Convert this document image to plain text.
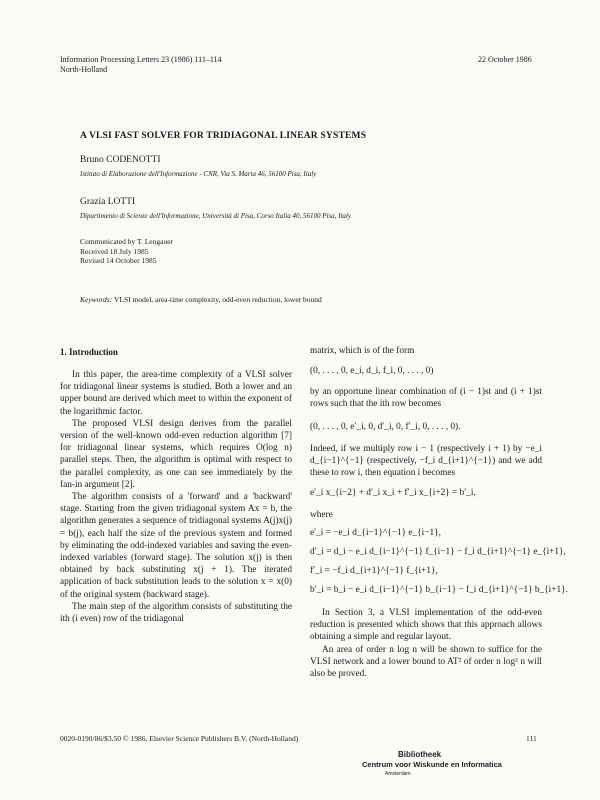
Information Processing Letters 23 (1986) 111–114
North-Holland
22 October 1986
A VLSI FAST SOLVER FOR TRIDIAGONAL LINEAR SYSTEMS
Bruno CODENOTTI
Istituto di Elaborazione dell'Informazione - CNR, Via S. Maria 46, 56100 Pisa, Italy
Grazia LOTTI
Dipartimento di Scienze dell'Informazione, Università di Pisa, Corso Italia 40, 56100 Pisa, Italy
Communicated by T. Lengauer
Received 18 July 1985
Revised 14 October 1985
Keywords: VLSI model, area-time complexity, odd-even reduction, lower bound
1. Introduction

In this paper, the area-time complexity of a VLSI solver for tridiagonal linear systems is studied. Both a lower and an upper bound are derived which meet to within the exponent of the logarithmic factor.

The proposed VLSI design derives from the parallel version of the well-known odd-even reduction algorithm [7] for tridiagonal linear systems, which requires O(log n) parallel steps. Then, the algorithm is optimal with respect to the parallel complexity, as one can see immediately by the fan-in argument [2].

The algorithm consists of a 'forward' and a 'backward' stage. Starting from the given tridiagonal system Ax = b, the algorithm generates a sequence of tridiagonal systems A(j)x(j) = b(j), each half the size of the previous system and formed by eliminating the odd-indexed variables and saving the even-indexed variables (forward stage). The solution x(j) is then obtained by back substituting x(j + 1). The iterated application of back substitution leads to the solution x = x(0) of the original system (backward stage).

The main step of the algorithm consists of substituting the ith (i even) row of the tridiagonal

matrix, which is of the form

(0, . . . , 0, e_i, d_i, f_i, 0, . . . , 0)

by an opportune linear combination of (i − 1)st and (i + 1)st rows such that the ith row becomes

(0, . . . , 0, e′_i, 0, d′_i, 0, f′_i, 0, . . . , 0).

Indeed, if we multiply row i − 1 (respectively i + 1) by −e_i d_{i−1}^{−1} (respectively, −f_i d_{i+1}^{−1}) and we add these to row i, then equation i becomes

e′_i x_{i−2} + d′_i x_i + f′_i x_{i+2} = b′_i,
where
e′_i = −e_i d_{i−1}^{−1} e_{i−1},
d′_i = d_i − e_i d_{i−1}^{−1} f_{i−1} − f_i d_{i+1}^{−1} e_{i+1},
f′_i = −f_i d_{i+1}^{−1} f_{i+1},
b′_i = b_i − e_i d_{i−1}^{−1} b_{i−1} − f_i d_{i+1}^{−1} b_{i+1}.

In Section 3, a VLSI implementation of the odd-even reduction is presented which shows that this approach allows obtaining a simple and regular layout.

An area of order n log n will be shown to suffice for the VLSI network and a lower bound to AT² of order n log² n will also be proved.

0020-0190/86/$3.50 © 1986, Elsevier Science Publishers B.V. (North-Holland)	111
Bibliotheek
Centrum voor Wiskunde en Informatica
Amsterdam
